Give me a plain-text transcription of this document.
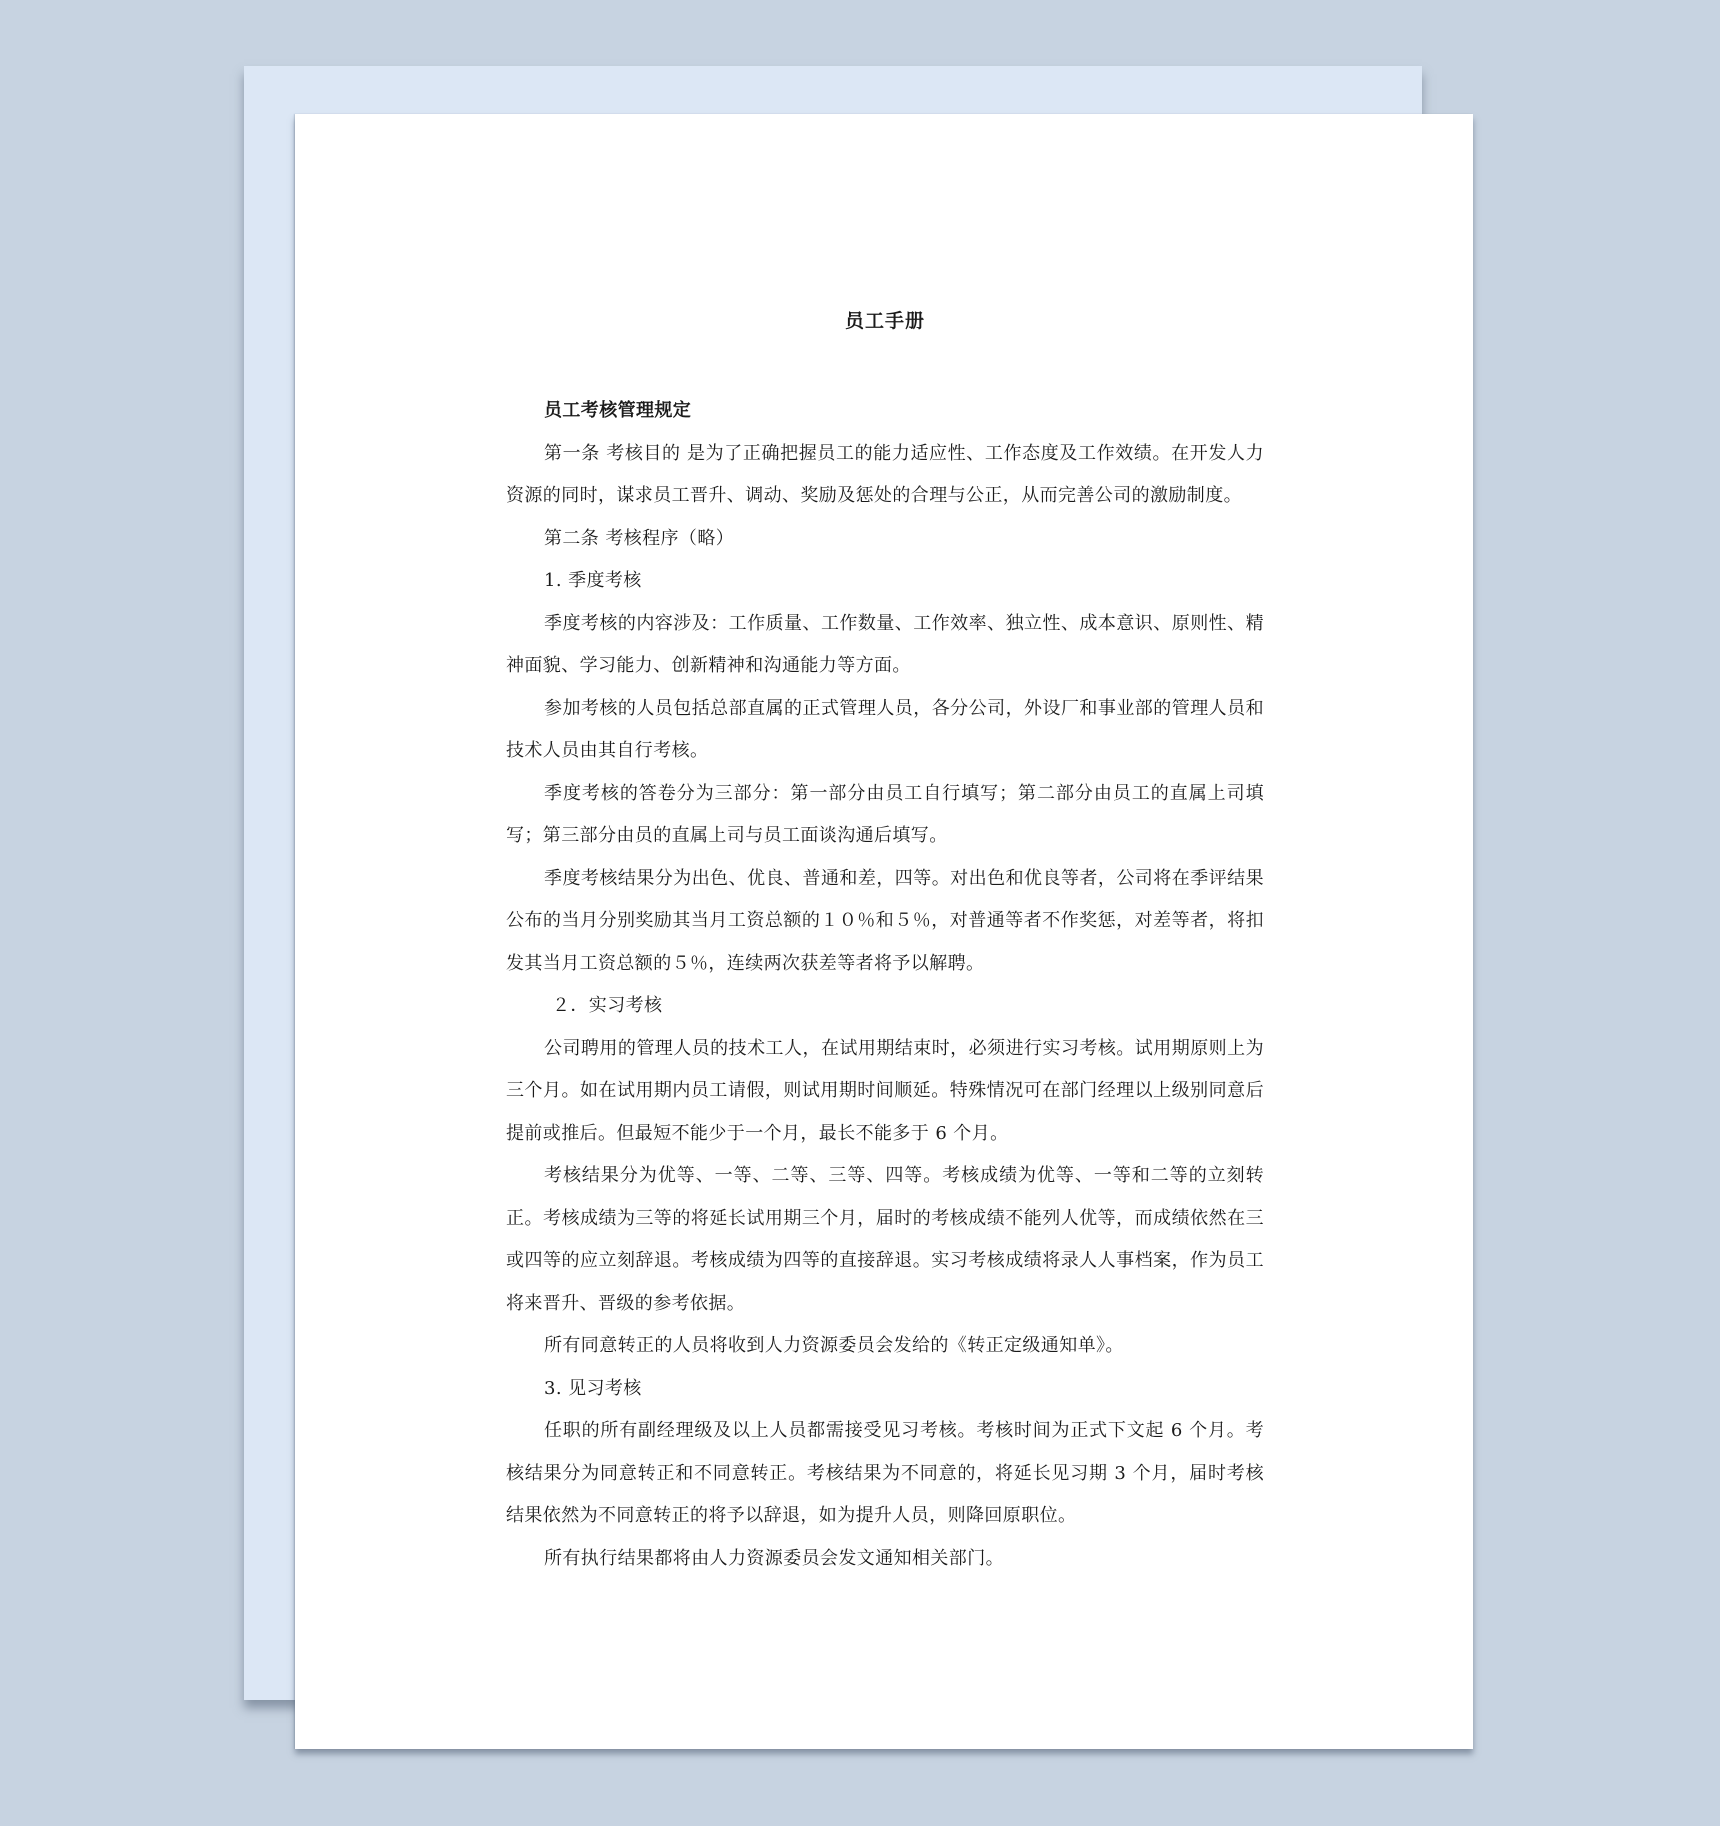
员工手册

员工考核管理规定

第一条 考核目的 是为了正确把握员工的能力适应性、工作态度及工作效绩。在开发人力资源的同时，谋求员工晋升、调动、奖励及惩处的合理与公正，从而完善公司的激励制度。

第二条 考核程序（略）

1. 季度考核

季度考核的内容涉及：工作质量、工作数量、工作效率、独立性、成本意识、原则性、精神面貌、学习能力、创新精神和沟通能力等方面。

参加考核的人员包括总部直属的正式管理人员，各分公司，外设厂和事业部的管理人员和技术人员由其自行考核。

季度考核的答卷分为三部分：第一部分由员工自行填写；第二部分由员工的直属上司填写；第三部分由员的直属上司与员工面谈沟通后填写。

季度考核结果分为出色、优良、普通和差，四等。对出色和优良等者，公司将在季评结果公布的当月分别奖励其当月工资总额的１０％和５％，对普通等者不作奖惩，对差等者，将扣发其当月工资总额的５％，连续两次获差等者将予以解聘。

２．实习考核

公司聘用的管理人员的技术工人，在试用期结束时，必须进行实习考核。试用期原则上为三个月。如在试用期内员工请假，则试用期时间顺延。特殊情况可在部门经理以上级别同意后提前或推后。但最短不能少于一个月，最长不能多于 6 个月。

考核结果分为优等、一等、二等、三等、四等。考核成绩为优等、一等和二等的立刻转正。考核成绩为三等的将延长试用期三个月，届时的考核成绩不能列人优等，而成绩依然在三或四等的应立刻辞退。考核成绩为四等的直接辞退。实习考核成绩将录人人事档案，作为员工将来晋升、晋级的参考依据。

所有同意转正的人员将收到人力资源委员会发给的《转正定级通知单》。

3. 见习考核

任职的所有副经理级及以上人员都需接受见习考核。考核时间为正式下文起 6 个月。考核结果分为同意转正和不同意转正。考核结果为不同意的，将延长见习期 3 个月，届时考核结果依然为不同意转正的将予以辞退，如为提升人员，则降回原职位。

所有执行结果都将由人力资源委员会发文通知相关部门。
